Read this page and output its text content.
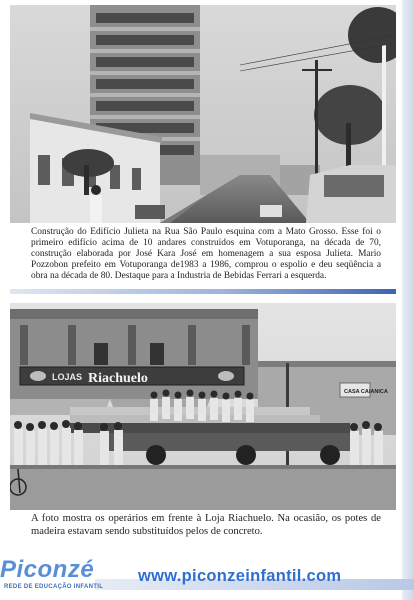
Construção do Edifício Julieta na Rua São Paulo esquina com a Mato Grosso. Esse foi o primeiro edifício acima de 10 andares construídos em Votuporanga, na década de 70, construção elaborada por José Kara José em homenagem a sua esposa Julieta. Mario Pozzobon prefeito em Votuporanga de1983 a 1986, comprou o espolio e deu seqüência a obra na década de 80. Destaque para a Industria de Bebidas Ferrari a esquerda.
LOJAS Riachuelo
CASA CAIANICA
A foto mostra os operários em frente à Loja Riachuelo. Na ocasião, os potes de madeira estavam sendo substituídos pelos de concreto.
Piconzé
REDE DE EDUCAÇÃO INFANTIL
www.piconzeinfantil.com
